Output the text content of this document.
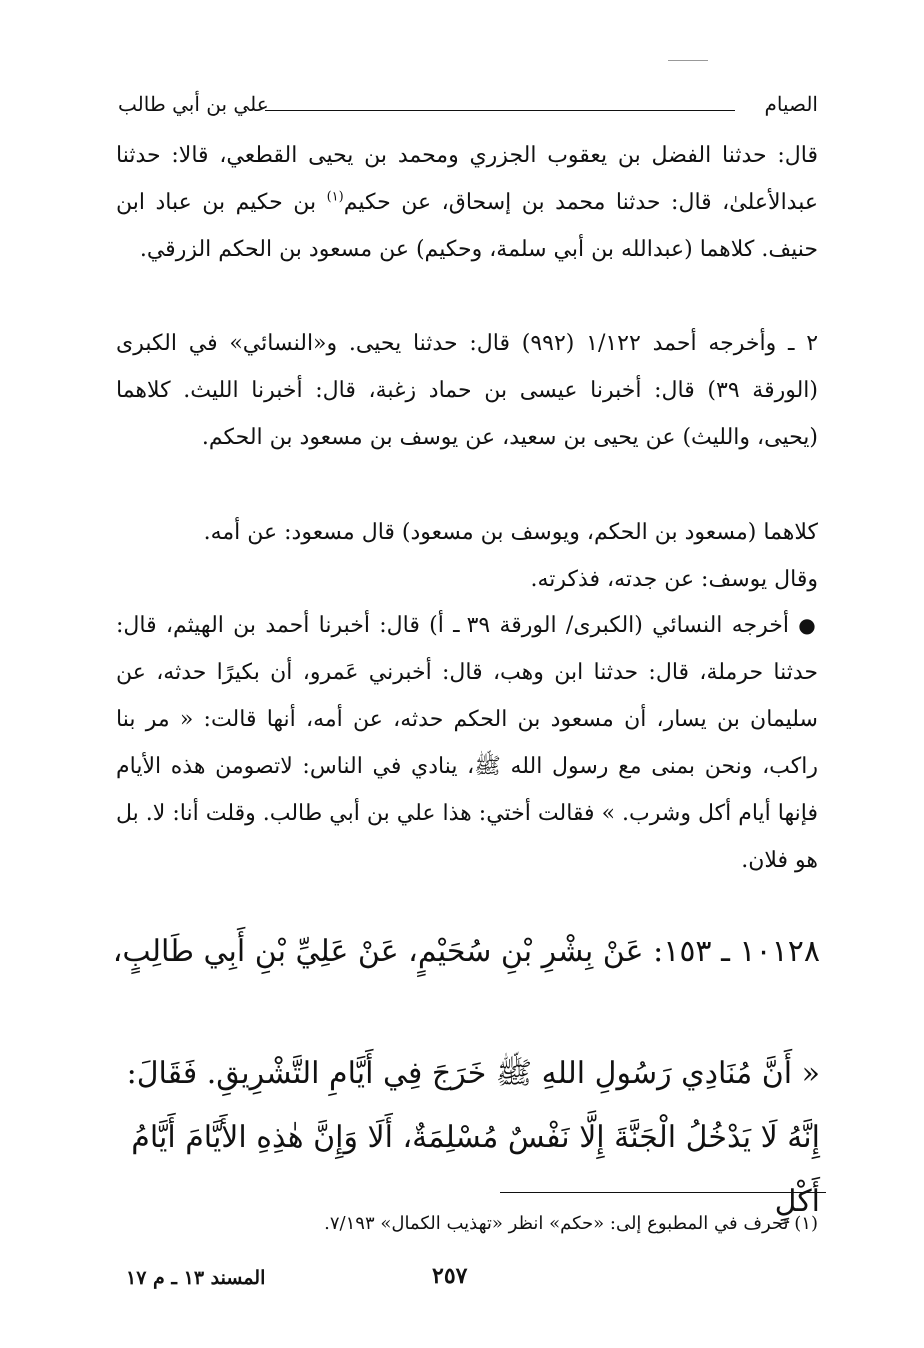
علي بن أبي طالب	الصيام
قال: حدثنا الفضل بن يعقوب الجزري ومحمد بن يحيى القطعي، قالا: حدثنا عبدالأعلىٰ، قال: حدثنا محمد بن إسحاق، عن حكيم$^{(١)}$ بن حكيم بن عباد ابن حنيف. كلاهما (عبدالله بن أبي سلمة، وحكيم) عن مسعود بن الحكم الزرقي.
٢ ـ وأخرجه أحمد ١/١٢٢ (٩٩٢) قال: حدثنا يحيى. و«النسائي» في الكبرى (الورقة ٣٩) قال: أخبرنا عيسى بن حماد زغبة، قال: أخبرنا الليث. كلاهما (يحيى، والليث) عن يحيى بن سعيد، عن يوسف بن مسعود بن الحكم.
كلاهما (مسعود بن الحكم، ويوسف بن مسعود) قال مسعود: عن أمه.
وقال يوسف: عن جدته، فذكرته.
● أخرجه النسائي (الكبرى/ الورقة ٣٩ ـ أ) قال: أخبرنا أحمد بن الهيثم، قال: حدثنا حرملة، قال: حدثنا ابن وهب، قال: أخبرني عَمرو، أن بكيرًا حدثه، عن سليمان بن يسار، أن مسعود بن الحكم حدثه، عن أمه، أنها قالت: « مر بنا راكب، ونحن بمنى مع رسول الله ﷺ، ينادي في الناس: لاتصومن هذه الأيام فإنها أيام أكل وشرب. » فقالت أختي: هذا علي بن أبي طالب. وقلت أنا: لا. بل هو فلان.
١٠١٢٨ ـ ١٥٣: عَنْ بِشْرِ بْنِ سُحَيْمٍ، عَنْ عَلِيِّ بْنِ أَبِي طَالِبٍ،
« أَنَّ مُنَادِي رَسُولِ اللهِ ﷺ خَرَجَ فِي أَيَّامِ التَّشْرِيقِ. فَقَالَ: إِنَّهُ لَا يَدْخُلُ الْجَنَّةَ إِلَّا نَفْسٌ مُسْلِمَةٌ، أَلَا وَإِنَّ هٰذِهِ الأَيَّامَ أَيَّامُ أَكْلٍ
(١) تحرف في المطبوع إلى: «حكم» انظر «تهذيب الكمال» ٧/١٩٣.
المسند ١٣ ـ م ١٧	٢٥٧
